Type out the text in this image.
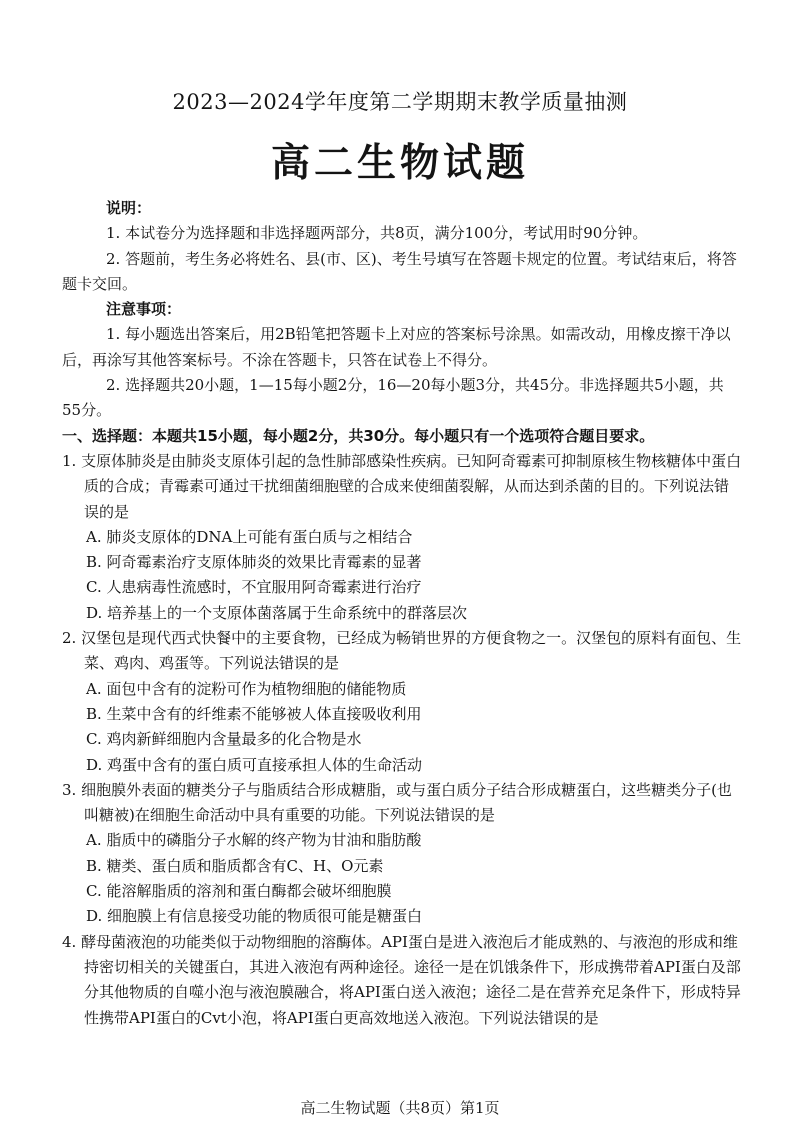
2023—2024学年度第二学期期末教学质量抽测
高二生物试题

说明：

1. 本试卷分为选择题和非选择题两部分，共8页，满分100分，考试用时90分钟。

2. 答题前，考生务必将姓名、县(市、区)、考生号填写在答题卡规定的位置。考试结束后，将答题卡交回。

注意事项：

1. 每小题选出答案后，用2B铅笔把答题卡上对应的答案标号涂黑。如需改动，用橡皮擦干净以后，再涂写其他答案标号。不涂在答题卡，只答在试卷上不得分。

2. 选择题共20小题，1—15每小题2分，16—20每小题3分，共45分。非选择题共5小题，共55分。

一、选择题：本题共15小题，每小题2分，共30分。每小题只有一个选项符合题目要求。

1. 支原体肺炎是由肺炎支原体引起的急性肺部感染性疾病。已知阿奇霉素可抑制原核生物核糖体中蛋白质的合成；青霉素可通过干扰细菌细胞壁的合成来使细菌裂解，从而达到杀菌的目的。下列说法错误的是

A. 肺炎支原体的DNA上可能有蛋白质与之相结合

B. 阿奇霉素治疗支原体肺炎的效果比青霉素的显著

C. 人患病毒性流感时，不宜服用阿奇霉素进行治疗

D. 培养基上的一个支原体菌落属于生命系统中的群落层次

2. 汉堡包是现代西式快餐中的主要食物，已经成为畅销世界的方便食物之一。汉堡包的原料有面包、生菜、鸡肉、鸡蛋等。下列说法错误的是

A. 面包中含有的淀粉可作为植物细胞的储能物质

B. 生菜中含有的纤维素不能够被人体直接吸收利用

C. 鸡肉新鲜细胞内含量最多的化合物是水

D. 鸡蛋中含有的蛋白质可直接承担人体的生命活动

3. 细胞膜外表面的糖类分子与脂质结合形成糖脂，或与蛋白质分子结合形成糖蛋白，这些糖类分子(也叫糖被)在细胞生命活动中具有重要的功能。下列说法错误的是

A. 脂质中的磷脂分子水解的终产物为甘油和脂肪酸

B. 糖类、蛋白质和脂质都含有C、H、O元素

C. 能溶解脂质的溶剂和蛋白酶都会破坏细胞膜

D. 细胞膜上有信息接受功能的物质很可能是糖蛋白

4. 酵母菌液泡的功能类似于动物细胞的溶酶体。API蛋白是进入液泡后才能成熟的、与液泡的形成和维持密切相关的关键蛋白，其进入液泡有两种途径。途径一是在饥饿条件下，形成携带着API蛋白及部分其他物质的自噬小泡与液泡膜融合，将API蛋白送入液泡；途径二是在营养充足条件下，形成特异性携带API蛋白的Cvt小泡，将API蛋白更高效地送入液泡。下列说法错误的是

高二生物试题（共8页）第1页
